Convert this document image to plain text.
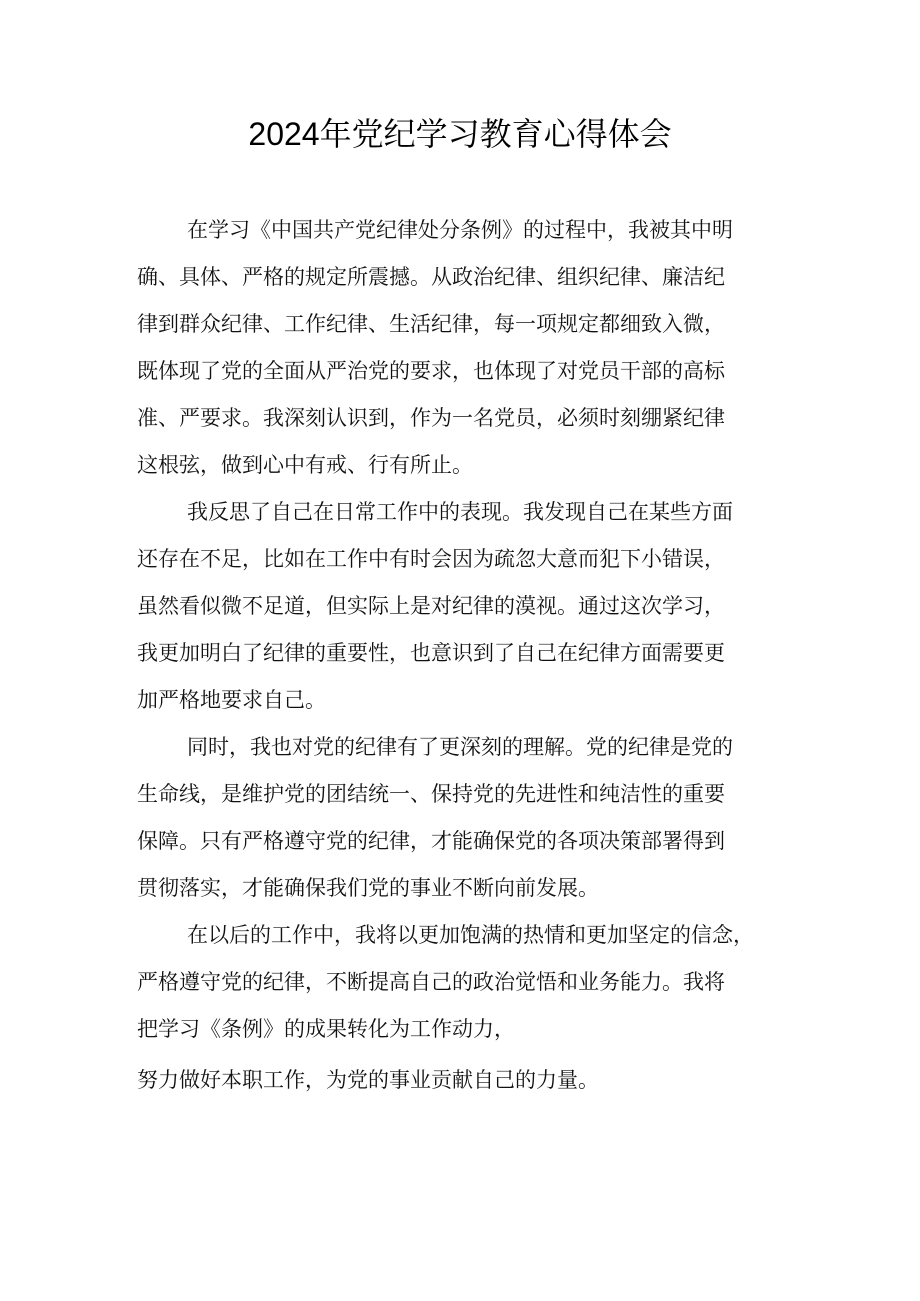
2024年党纪学习教育心得体会

在学习《中国共产党纪律处分条例》的过程中，我被其中明
确、具体、严格的规定所震撼。从政治纪律、组织纪律、廉洁纪
律到群众纪律、工作纪律、生活纪律，每一项规定都细致入微，
既体现了党的全面从严治党的要求，也体现了对党员干部的高标
准、严要求。我深刻认识到，作为一名党员，必须时刻绷紧纪律
这根弦，做到心中有戒、行有所止。

我反思了自己在日常工作中的表现。我发现自己在某些方面
还存在不足，比如在工作中有时会因为疏忽大意而犯下小错误，
虽然看似微不足道，但实际上是对纪律的漠视。通过这次学习，
我更加明白了纪律的重要性，也意识到了自己在纪律方面需要更
加严格地要求自己。

同时，我也对党的纪律有了更深刻的理解。党的纪律是党的
生命线，是维护党的团结统一、保持党的先进性和纯洁性的重要
保障。只有严格遵守党的纪律，才能确保党的各项决策部署得到
贯彻落实，才能确保我们党的事业不断向前发展。

在以后的工作中，我将以更加饱满的热情和更加坚定的信念，
严格遵守党的纪律，不断提高自己的政治觉悟和业务能力。我将
把学习《条例》的成果转化为工作动力，

努力做好本职工作，为党的事业贡献自己的力量。
